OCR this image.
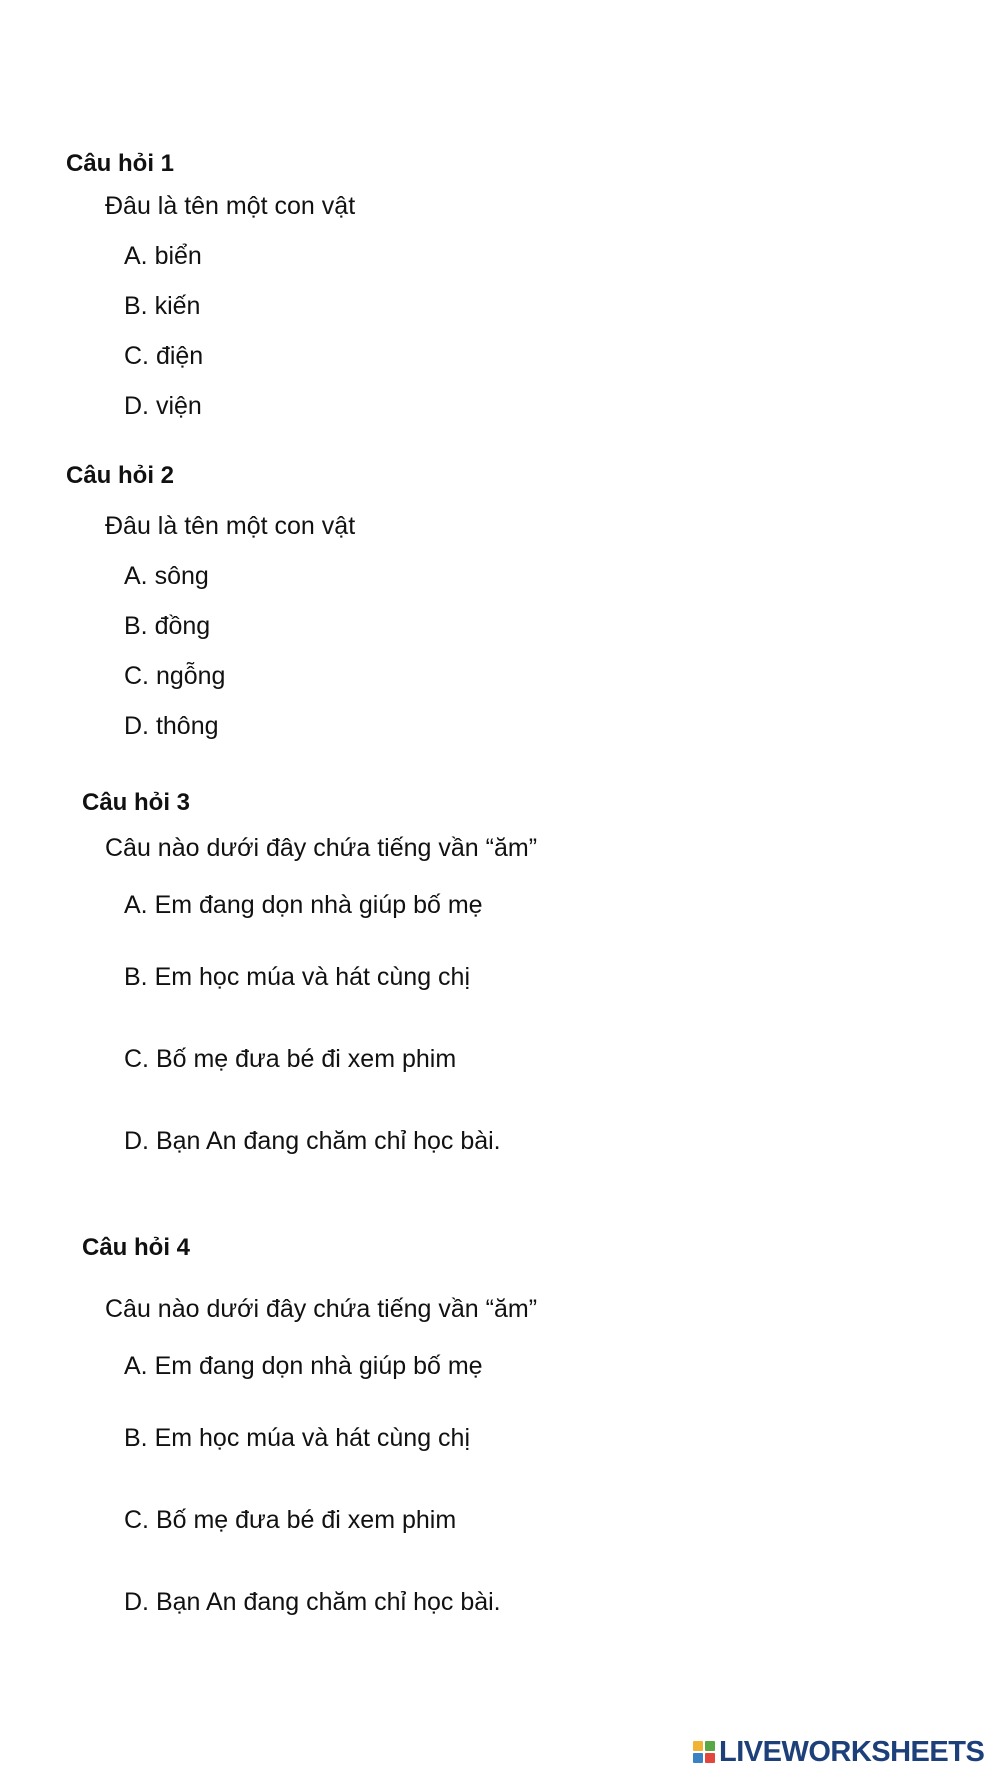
Câu hỏi 1
Đâu là tên một con vật
A. biển
B. kiến
C. điện
D. viện
Câu hỏi 2
Đâu là tên một con vật
A. sông
B. đồng
C. ngỗng
D. thông
Câu hỏi 3
Câu nào dưới đây chứa tiếng vần “ăm”
A. Em đang dọn nhà giúp bố mẹ
B. Em học múa và hát cùng chị
C. Bố mẹ đưa bé đi xem phim
D. Bạn An đang chăm chỉ học bài.
Câu hỏi 4
Câu nào dưới đây chứa tiếng vần “ăm”
A. Em đang dọn nhà giúp bố mẹ
B. Em học múa và hát cùng chị
C. Bố mẹ đưa bé đi xem phim
D. Bạn An đang chăm chỉ học bài.
LIVEWORKSHEETS
